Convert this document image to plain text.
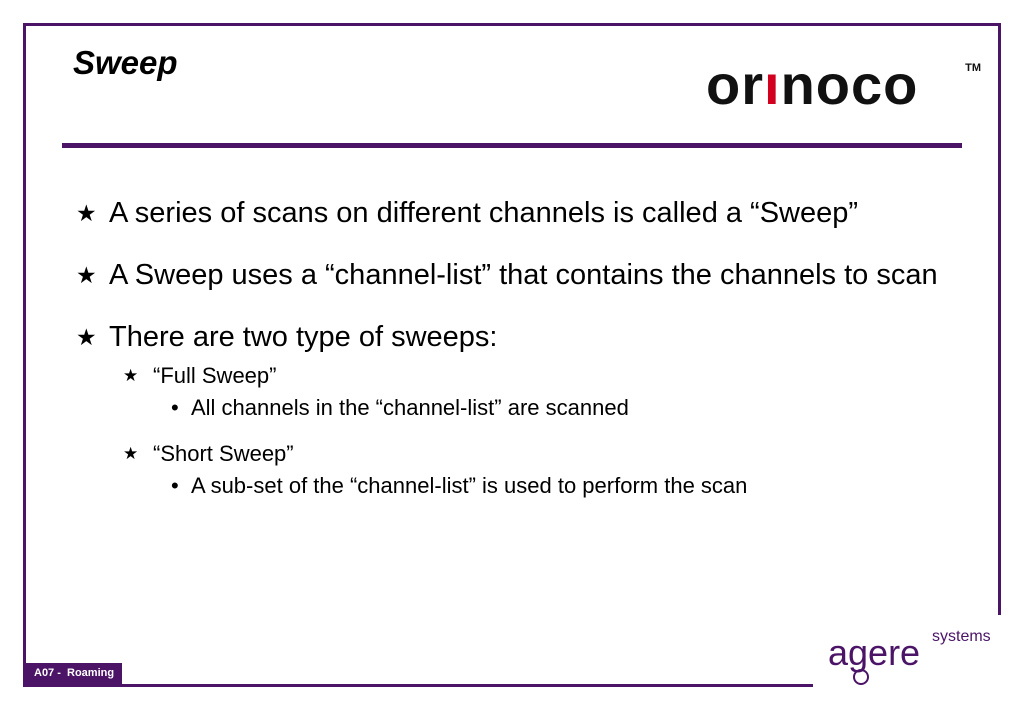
Sweep	orınoco	TM
★ A series of scans on different channels is called a “Sweep”
★ A Sweep uses a “channel-list” that contains the channels to scan
★ There are two type of sweeps:
★ “Full Sweep”
• All channels in the “channel-list” are scanned
★ “Short Sweep”
• A sub-set of the “channel-list” is used to perform the scan
A07 -  Roaming	agere systems
